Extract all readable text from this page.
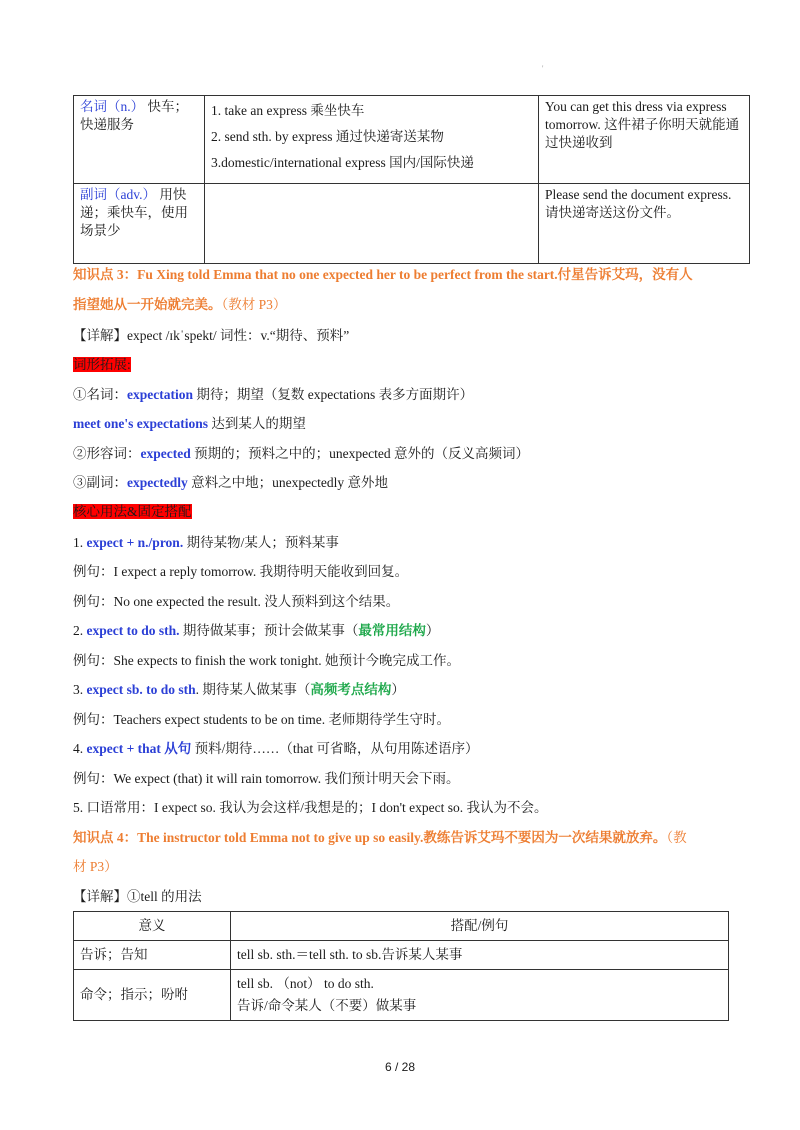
'
名词（n.） 快车；快递服务	1. take an express 乘坐快车
2. send sth. by express 通过快递寄送某物
3.domestic/international express 国内/国际快递	You can get this dress via express tomorrow. 这件裙子你明天就能通过快递收到
副词（adv.） 用快递；乘快车，使用场景少		Please send the document express. 请快递寄送这份文件。
知识点 3：Fu Xing told Emma that no one expected her to be perfect from the start.付星告诉艾玛，没有人
指望她从一开始就完美。（教材 P3）
【详解】expect /ɪkˈspekt/ 词性：v.“期待、预料”
词形拓展:
①名词：expectation 期待；期望（复数 expectations 表多方面期许）
meet one's expectations 达到某人的期望
②形容词：expected 预期的；预料之中的；unexpected 意外的（反义高频词）
③副词：expectedly 意料之中地；unexpectedly 意外地
核心用法&固定搭配
1. expect + n./pron. 期待某物/某人；预料某事
例句：I expect a reply tomorrow. 我期待明天能收到回复。
例句：No one expected the result. 没人预料到这个结果。
2. expect to do sth. 期待做某事；预计会做某事（最常用结构）
例句：She expects to finish the work tonight. 她预计今晚完成工作。
3. expect sb. to do sth. 期待某人做某事（高频考点结构）
例句：Teachers expect students to be on time. 老师期待学生守时。
4. expect + that 从句 预料/期待……（that 可省略，从句用陈述语序）
例句：We expect (that) it will rain tomorrow. 我们预计明天会下雨。
5. 口语常用：I expect so. 我认为会这样/我想是的；I don't expect so. 我认为不会。
知识点 4：The instructor told Emma not to give up so easily.教练告诉艾玛不要因为一次结果就放弃。（教
材 P3）
【详解】①tell 的用法
意义	搭配/例句
告诉；告知	tell sb. sth.＝tell sth. to sb.告诉某人某事
命令；指示；吩咐	tell sb. （not） to do sth.
告诉/命令某人（不要）做某事
6 / 28
